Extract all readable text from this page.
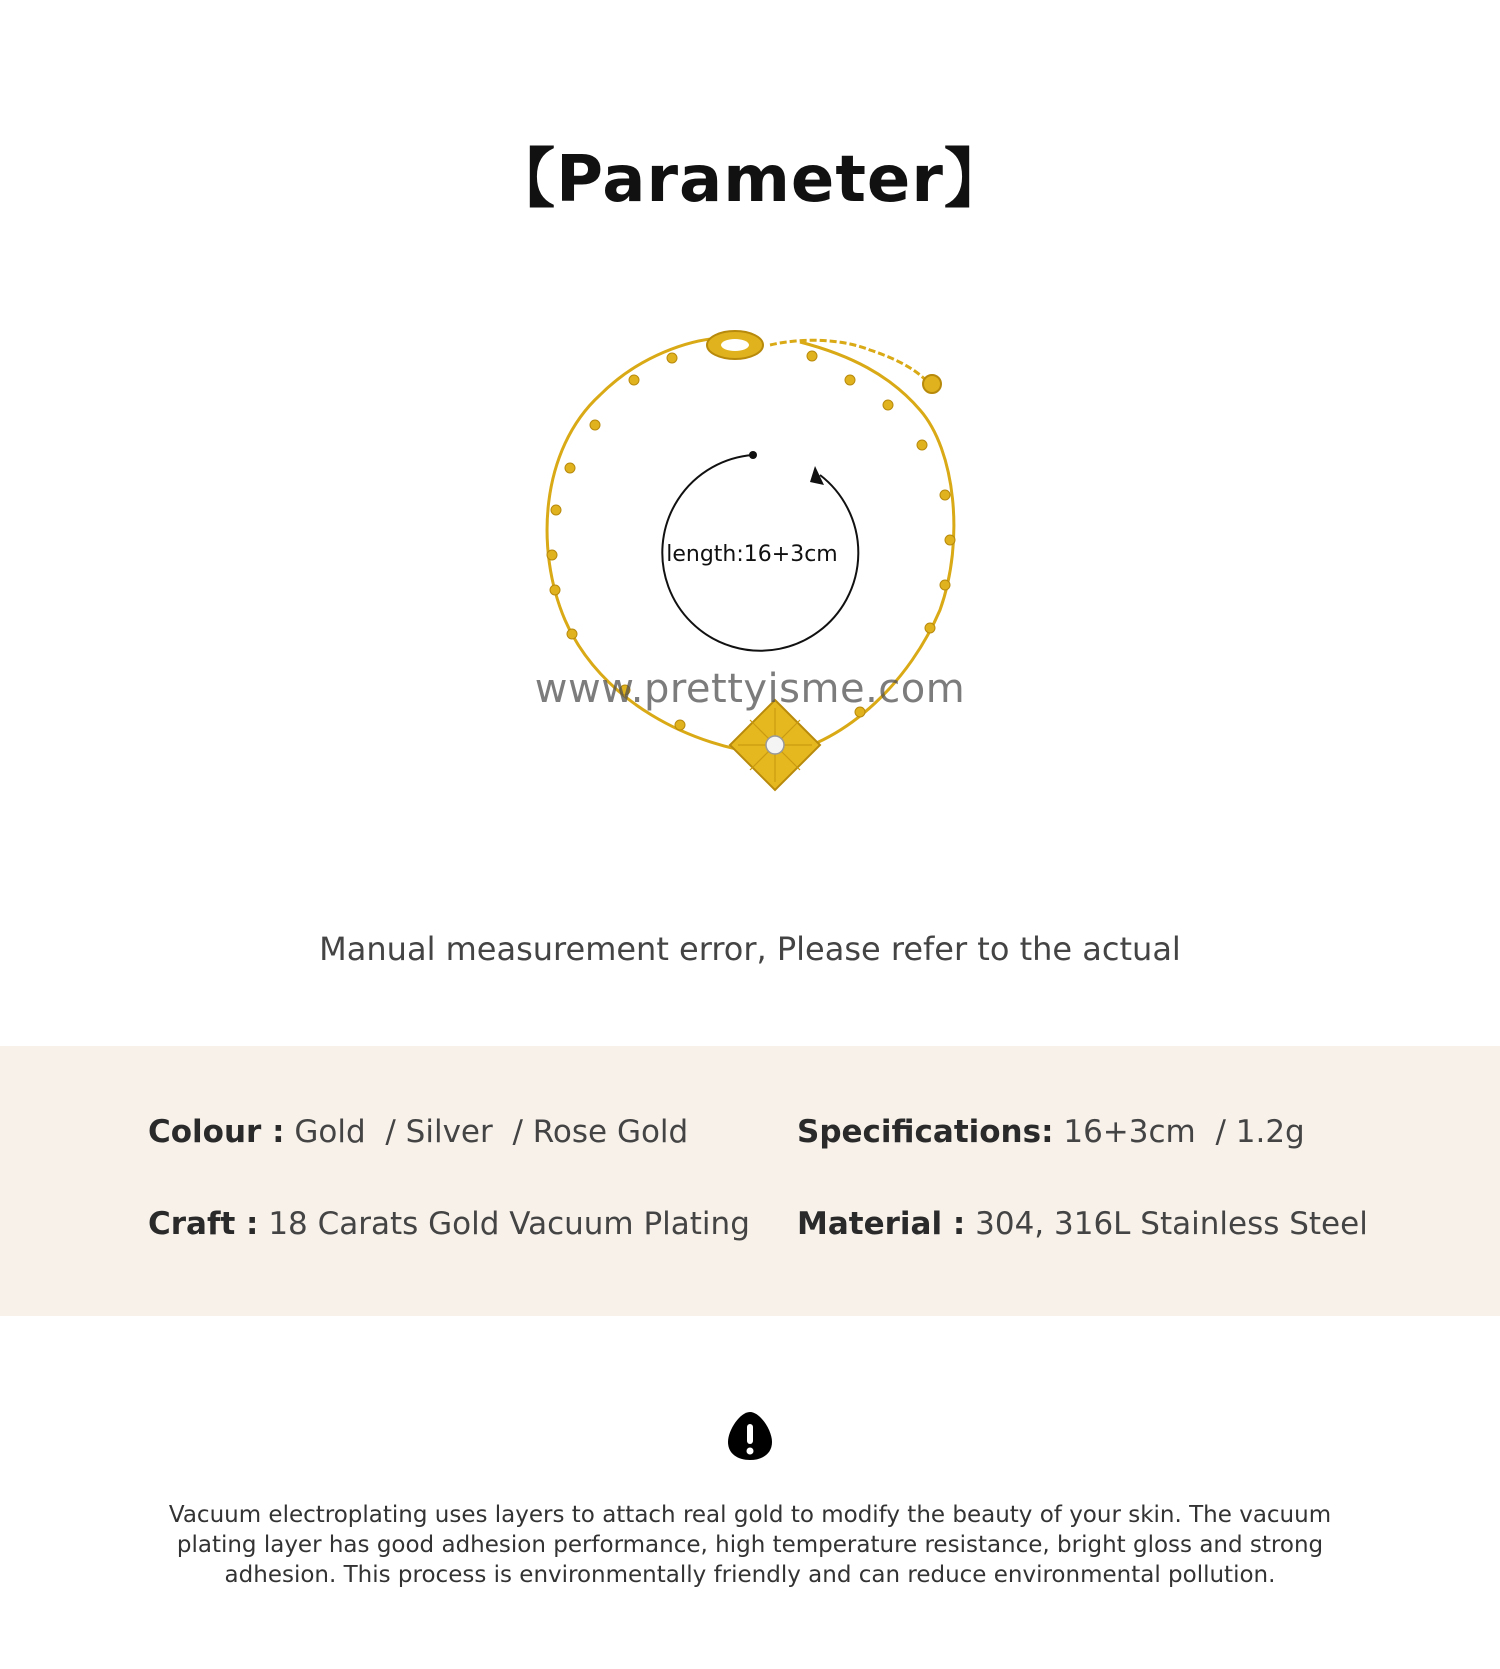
【Parameter】
length:16+3cm
www.prettyisme.com
Manual measurement error, Please refer to the actual
Colour : Gold  / Silver  / Rose Gold	Specifications: 16+3cm  / 1.2g
Craft : 18 Carats Gold Vacuum Plating Material : 304, 316L Stainless Steel
Vacuum electroplating uses layers to attach real gold to modify the beauty of your skin. The vacuum plating layer has good adhesion performance, high temperature resistance, bright gloss and strong adhesion. This process is environmentally friendly and can reduce environmental pollution.
